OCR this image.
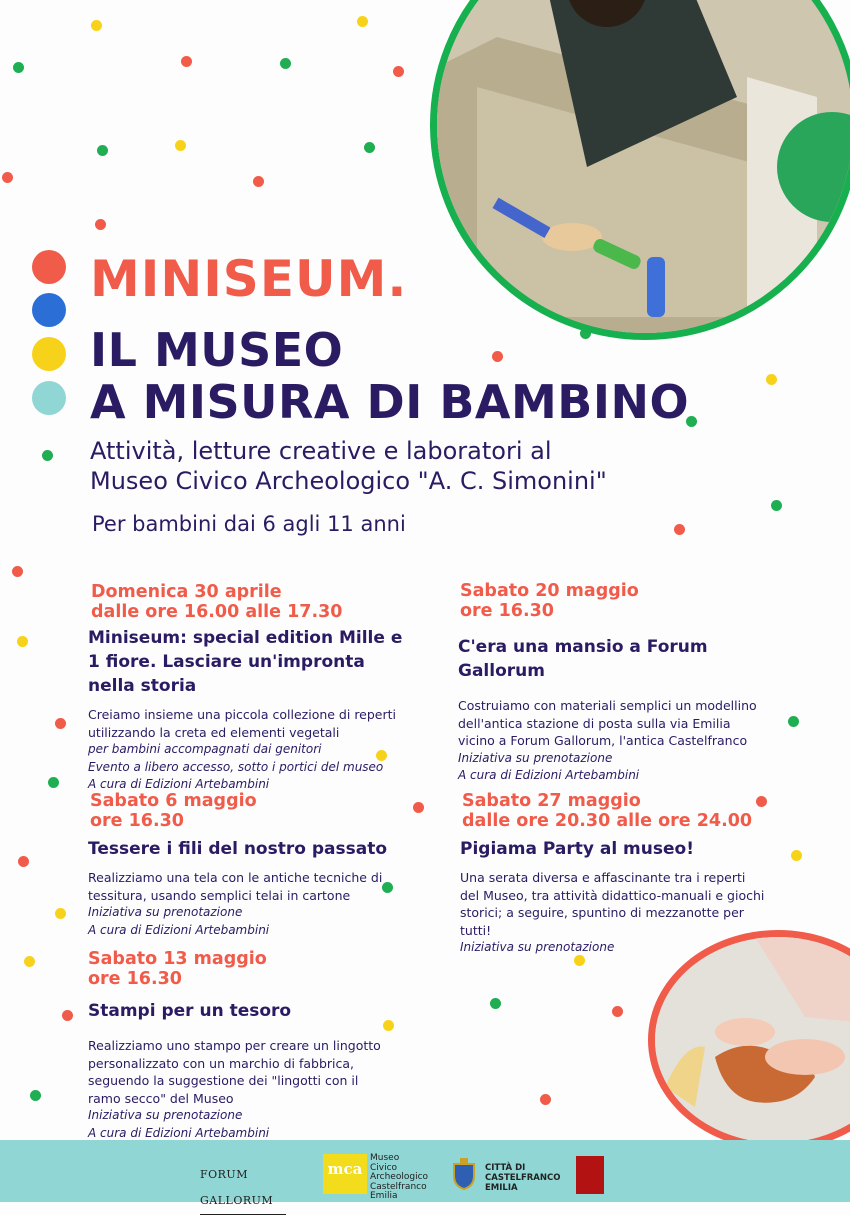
MINISEUM.
IL MUSEO
A MISURA DI BAMBINO
Attività, letture creative e laboratori al
Museo Civico Archeologico "A. C. Simonini"
Per bambini dai 6 agli 11 anni
Domenica 30 aprile
dalle ore 16.00 alle 17.30
Miniseum: special edition Mille e 1 fiore. Lasciare un'impronta nella storia
Creiamo insieme una piccola collezione di reperti utilizzando la creta ed elementi vegetali
per bambini accompagnati dai genitori
Evento a libero accesso, sotto i portici del museo
A cura di Edizioni Artebambini
Sabato 20 maggio
ore 16.30
C'era una mansio a Forum Gallorum
Costruiamo con materiali semplici un modellino dell'antica stazione di posta sulla via Emilia vicino a Forum Gallorum, l'antica Castelfranco
Iniziativa su prenotazione
A cura di Edizioni Artebambini
Sabato 6 maggio
ore 16.30
Tessere i fili del nostro passato
Realizziamo una tela con le antiche tecniche di tessitura, usando semplici telai in cartone
Iniziativa su prenotazione
A cura di Edizioni Artebambini
Sabato 27 maggio
dalle ore 20.30 alle ore 24.00
Pigiama Party al museo!
Una serata diversa e affascinante tra i reperti del Museo, tra attività didattico-manuali e giochi storici; a seguire, spuntino di mezzanotte per tutti!
Iniziativa su prenotazione
Sabato 13 maggio
ore 16.30
Stampi per un tesoro
Realizziamo uno stampo per creare un lingotto personalizzato con un marchio di fabbrica, seguendo la suggestione dei "lingotti con il ramo secco" del Museo
Iniziativa su prenotazione
A cura di Edizioni Artebambini
FORUM GALLORUM
mca
Museo
Civico
Archeologico
Castelfranco
Emilia
CITTÀ DI
CASTELFRANCO
EMILIA
